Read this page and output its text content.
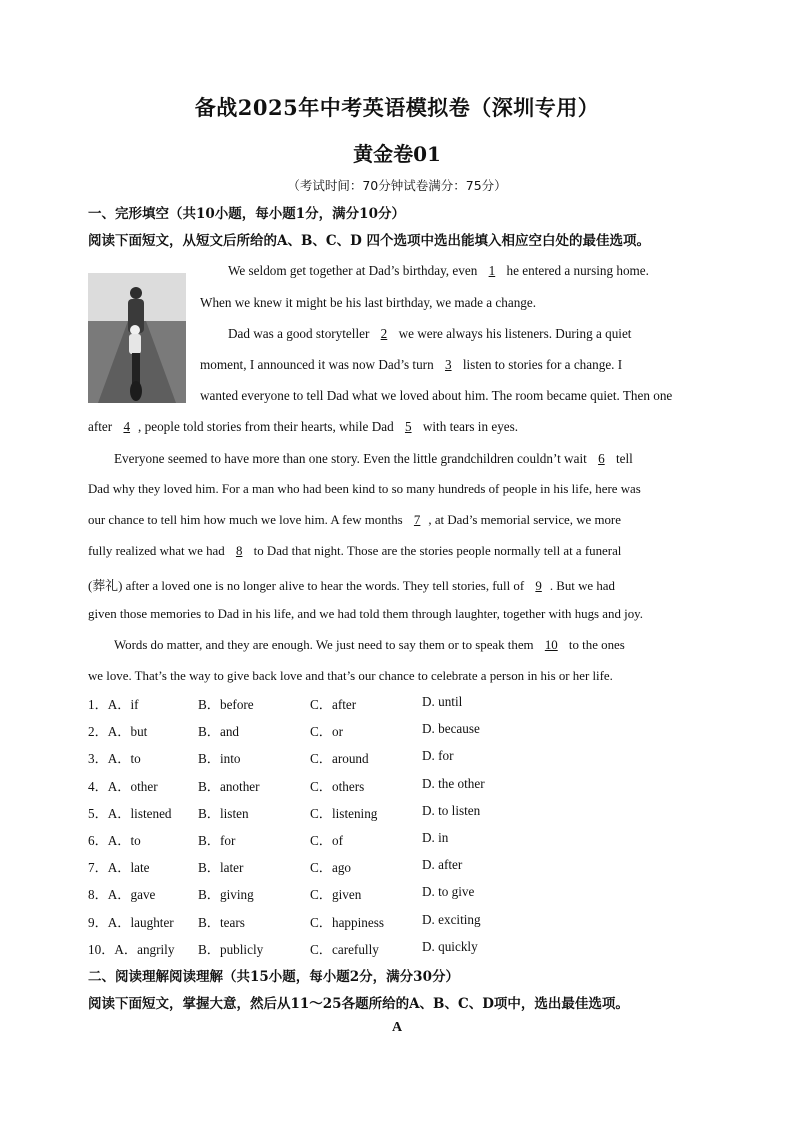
备战2025年中考英语模拟卷（深圳专用）
黄金卷01
（考试时间：70分钟试卷满分：75分）
一、完形填空（共10小题，每小题1分，满分10分）
阅读下面短文，从短文后所给的A、B、C、D 四个选项中选出能填入相应空白处的最佳选项。
We seldom get together at Dad’s birthday, even 1 he entered a nursing home.
When we knew it might be his last birthday, we made a change.
Dad was a good storyteller 2 we were always his listeners. During a quiet
moment, I announced it was now Dad’s turn 3 listen to stories for a change. I
wanted everyone to tell Dad what we loved about him. The room became quiet. Then one
after 4 , people told stories from their hearts, while Dad 5 with tears in eyes.
Everyone seemed to have more than one story. Even the little grandchildren couldn’t wait 6 tell
Dad why they loved him. For a man who had been kind to so many hundreds of people in his life, here was
our chance to tell him how much we love him. A few months 7 , at Dad’s memorial service, we more
fully realized what we had 8 to Dad that night. Those are the stories people normally tell at a funeral
(葬礼) after a loved one is no longer alive to hear the words. They tell stories, full of 9 . But we had
given those memories to Dad in his life, and we had told them through laughter, together with hugs and joy.
Words do matter, and they are enough. We just need to say them or to speak them 10 to the ones
we love. That’s the way to give back love and that’s our chance to celebrate a person in his or her life.
1．A．if	B．before	C．after	D. until
2．A．but	B．and	C．or	D. because
3．A．to	B．into	C．around	D. for
4．A．other	B．another	C．others	D. the other
5．A．listened B．listen	C．listening	D. to listen
6．A．to	B．for	C．of	D. in
7．A．late	B．later	C．ago	D. after
8．A．gave	B．giving	C．given	D. to give
9．A．laughter B．tears	C．happiness	D. exciting
10．A．angrily B．publicly	C．carefully	D. quickly
二、阅读理解阅读理解（共15小题，每小题2分，满分30分）
阅读下面短文，掌握大意，然后从11～25各题所给的A、B、C、D项中，选出最佳选项。
A
